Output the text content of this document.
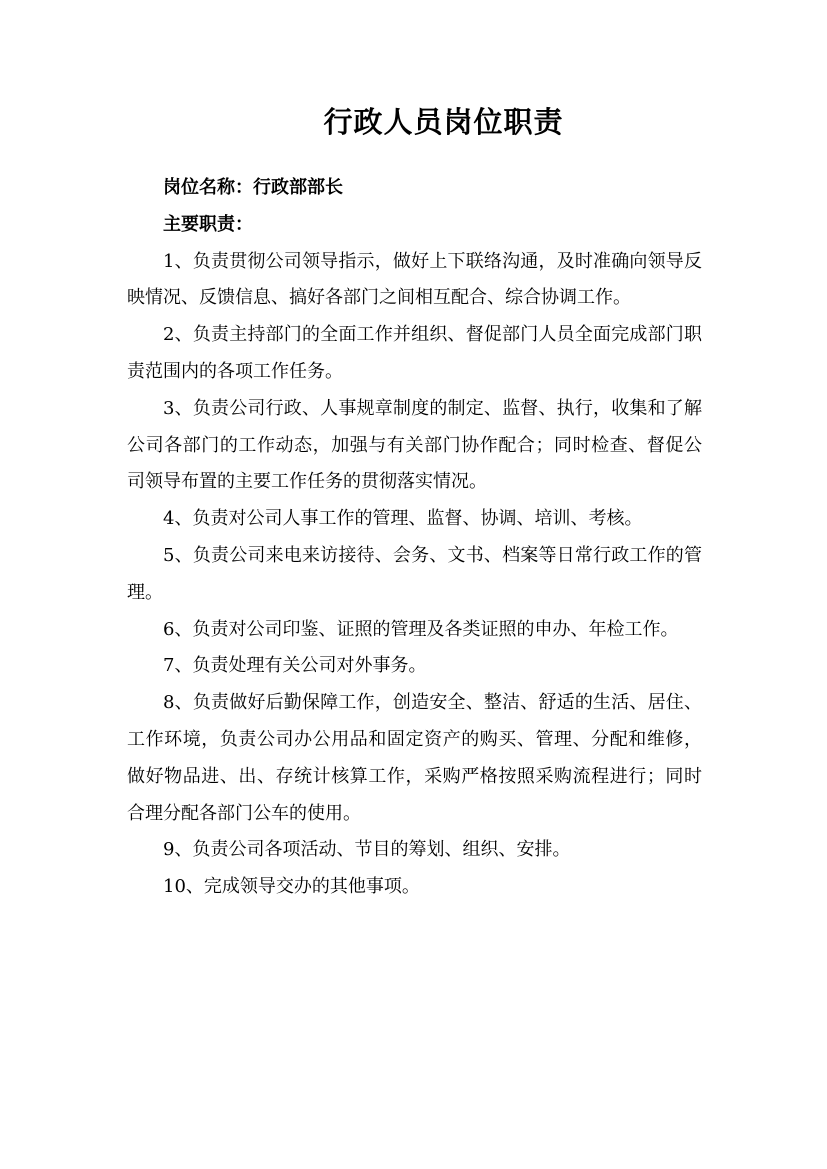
行政人员岗位职责

岗位名称：行政部部长

主要职责：

1、负责贯彻公司领导指示，做好上下联络沟通，及时准确向领导反映情况、反馈信息、搞好各部门之间相互配合、综合协调工作。

2、负责主持部门的全面工作并组织、督促部门人员全面完成部门职责范围内的各项工作任务。

3、负责公司行政、人事规章制度的制定、监督、执行，收集和了解公司各部门的工作动态，加强与有关部门协作配合；同时检查、督促公司领导布置的主要工作任务的贯彻落实情况。

4、负责对公司人事工作的管理、监督、协调、培训、考核。

5、负责公司来电来访接待、会务、文书、档案等日常行政工作的管理。

6、负责对公司印鉴、证照的管理及各类证照的申办、年检工作。

7、负责处理有关公司对外事务。

8、负责做好后勤保障工作，创造安全、整洁、舒适的生活、居住、工作环境，负责公司办公用品和固定资产的购买、管理、分配和维修，做好物品进、出、存统计核算工作，采购严格按照采购流程进行；同时合理分配各部门公车的使用。

9、负责公司各项活动、节目的筹划、组织、安排。

10、完成领导交办的其他事项。
